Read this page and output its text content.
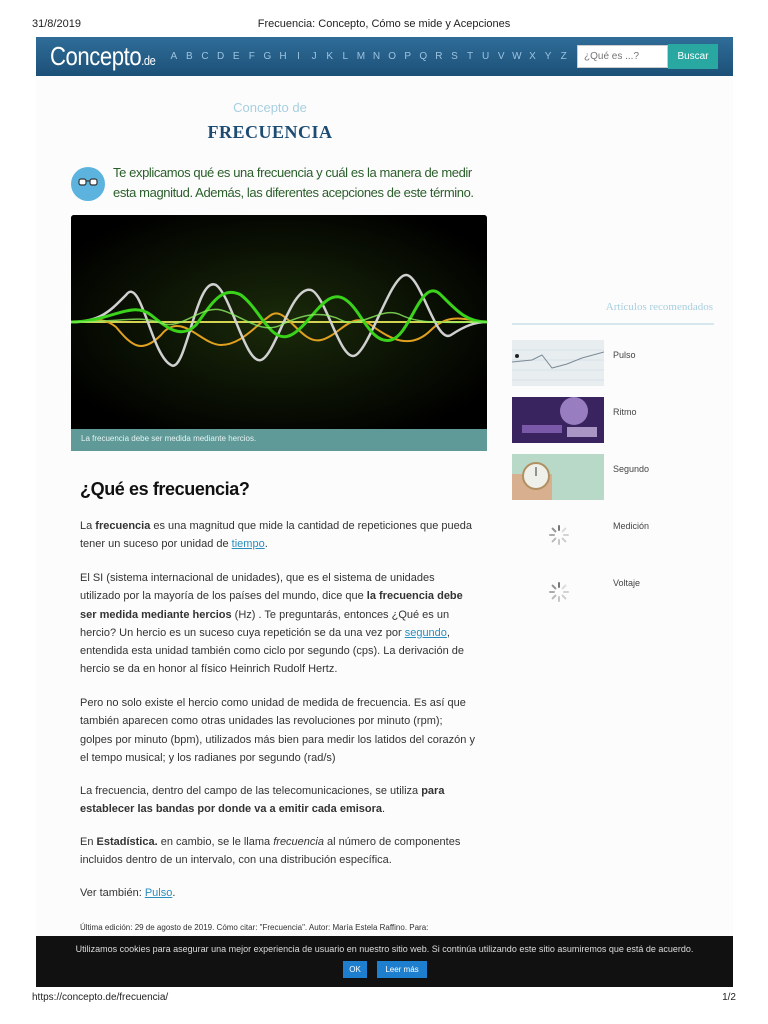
31/8/2019	Frecuencia: Concepto, Cómo se mide y Acepciones
Concepto.de	A B C D E F G H	I	J K L M N O P Q R S T U V W X Y Z
¿Qué es ...?	Buscar
Concepto de
FRECUENCIA
Te explicamos qué es una frecuencia y cuál es la manera de medir esta magnitud. Además, las diferentes acepciones de este término.
La frecuencia debe ser medida mediante hercios.
¿Qué es frecuencia?

La frecuencia es una magnitud que mide la cantidad de repeticiones que pueda tener un suceso por unidad de tiempo.

El SI (sistema internacional de unidades), que es el sistema de unidades utilizado por la mayoría de los países del mundo, dice que la frecuencia debe ser medida mediante hercios (Hz) . Te preguntarás, entonces ¿Qué es un hercio? Un hercio es un suceso cuya repetición se da una vez por segundo, entendida esta unidad también como ciclo por segundo (cps). La derivación de hercio se da en honor al físico Heinrich Rudolf Hertz.

Pero no solo existe el hercio como unidad de medida de frecuencia. Es así que también aparecen como otras unidades las revoluciones por minuto (rpm); golpes por minuto (bpm), utilizados más bien para medir los latidos del corazón y el tempo musical; y los radianes por segundo (rad/s)

La frecuencia, dentro del campo de las telecomunicaciones, se utiliza para establecer las bandas por donde va a emitir cada emisora.

En Estadística. en cambio, se le llama frecuencia al número de componentes incluidos dentro de un intervalo, con una distribución específica.

Ver también: Pulso.

Última edición: 29 de agosto de 2019. Cómo citar: "Frecuencia". Autor: María Estela Raffino. Para:
Artículos recomendados
Pulso
Ritmo
Segundo
Medición
Voltaje
Utilizamos cookies para asegurar una mejor experiencia de usuario en nuestro sitio web. Si continúa utilizando este sitio asumiremos que está de acuerdo.
OK	Leer más
https://concepto.de/frecuencia/	1/2
